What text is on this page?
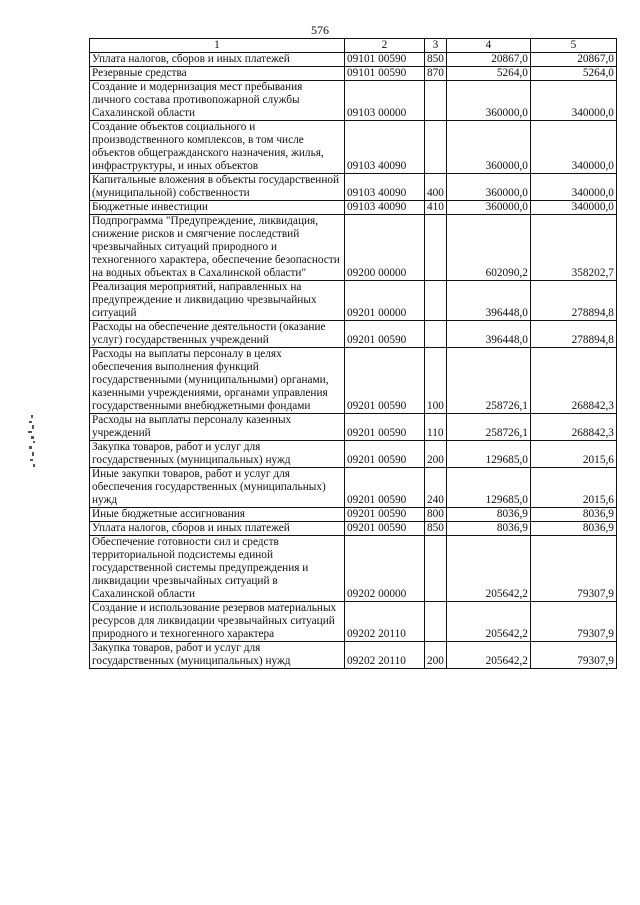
576
1	2	3	4	5
Уплата налогов, сборов и иных платежей	09101 00590	850	20867,0	20867,0
Резервные средства	09101 00590	870	5264,0	5264,0
Создание и модернизация мест пребывания личного состава противопожарной службы Сахалинской области	09103 00000		360000,0	340000,0
Создание объектов социального и производственного комплексов, в том числе объектов общегражданского назначения, жилья, инфраструктуры, и иных объектов	09103 40090		360000,0	340000,0
Капитальные вложения в объекты государственной (муниципальной) собственности	09103 40090	400	360000,0	340000,0
Бюджетные инвестиции	09103 40090	410	360000,0	340000,0
Подпрограмма "Предупреждение, ликвидация, снижение рисков и смягчение последствий чрезвычайных ситуаций природного и техногенного характера, обеспечение безопасности на водных объектах в Сахалинской области"	09200 00000		602090,2	358202,7
Реализация мероприятий, направленных на предупреждение и ликвидацию чрезвычайных ситуаций	09201 00000		396448,0	278894,8
Расходы на обеспечение деятельности (оказание услуг) государственных учреждений	09201 00590		396448,0	278894,8
Расходы на выплаты персоналу в целях обеспечения выполнения функций государственными (муниципальными) органами, казенными учреждениями, органами управления государственными внебюджетными фондами	09201 00590	100	258726,1	268842,3
Расходы на выплаты персоналу казенных учреждений	09201 00590	110	258726,1	268842,3
Закупка товаров, работ и услуг для государственных (муниципальных) нужд	09201 00590	200	129685,0	2015,6
Иные закупки товаров, работ и услуг для обеспечения государственных (муниципальных) нужд	09201 00590	240	129685,0	2015,6
Иные бюджетные ассигнования	09201 00590	800	8036,9	8036,9
Уплата налогов, сборов и иных платежей	09201 00590	850	8036,9	8036,9
Обеспечение готовности сил и средств территориальной подсистемы единой государственной системы предупреждения и ликвидации чрезвычайных ситуаций в Сахалинской области	09202 00000		205642,2	79307,9
Создание и использование резервов материальных ресурсов для ликвидации чрезвычайных ситуаций природного и техногенного характера	09202 20110		205642,2	79307,9
Закупка товаров, работ и услуг для государственных (муниципальных) нужд	09202 20110	200	205642,2	79307,9
